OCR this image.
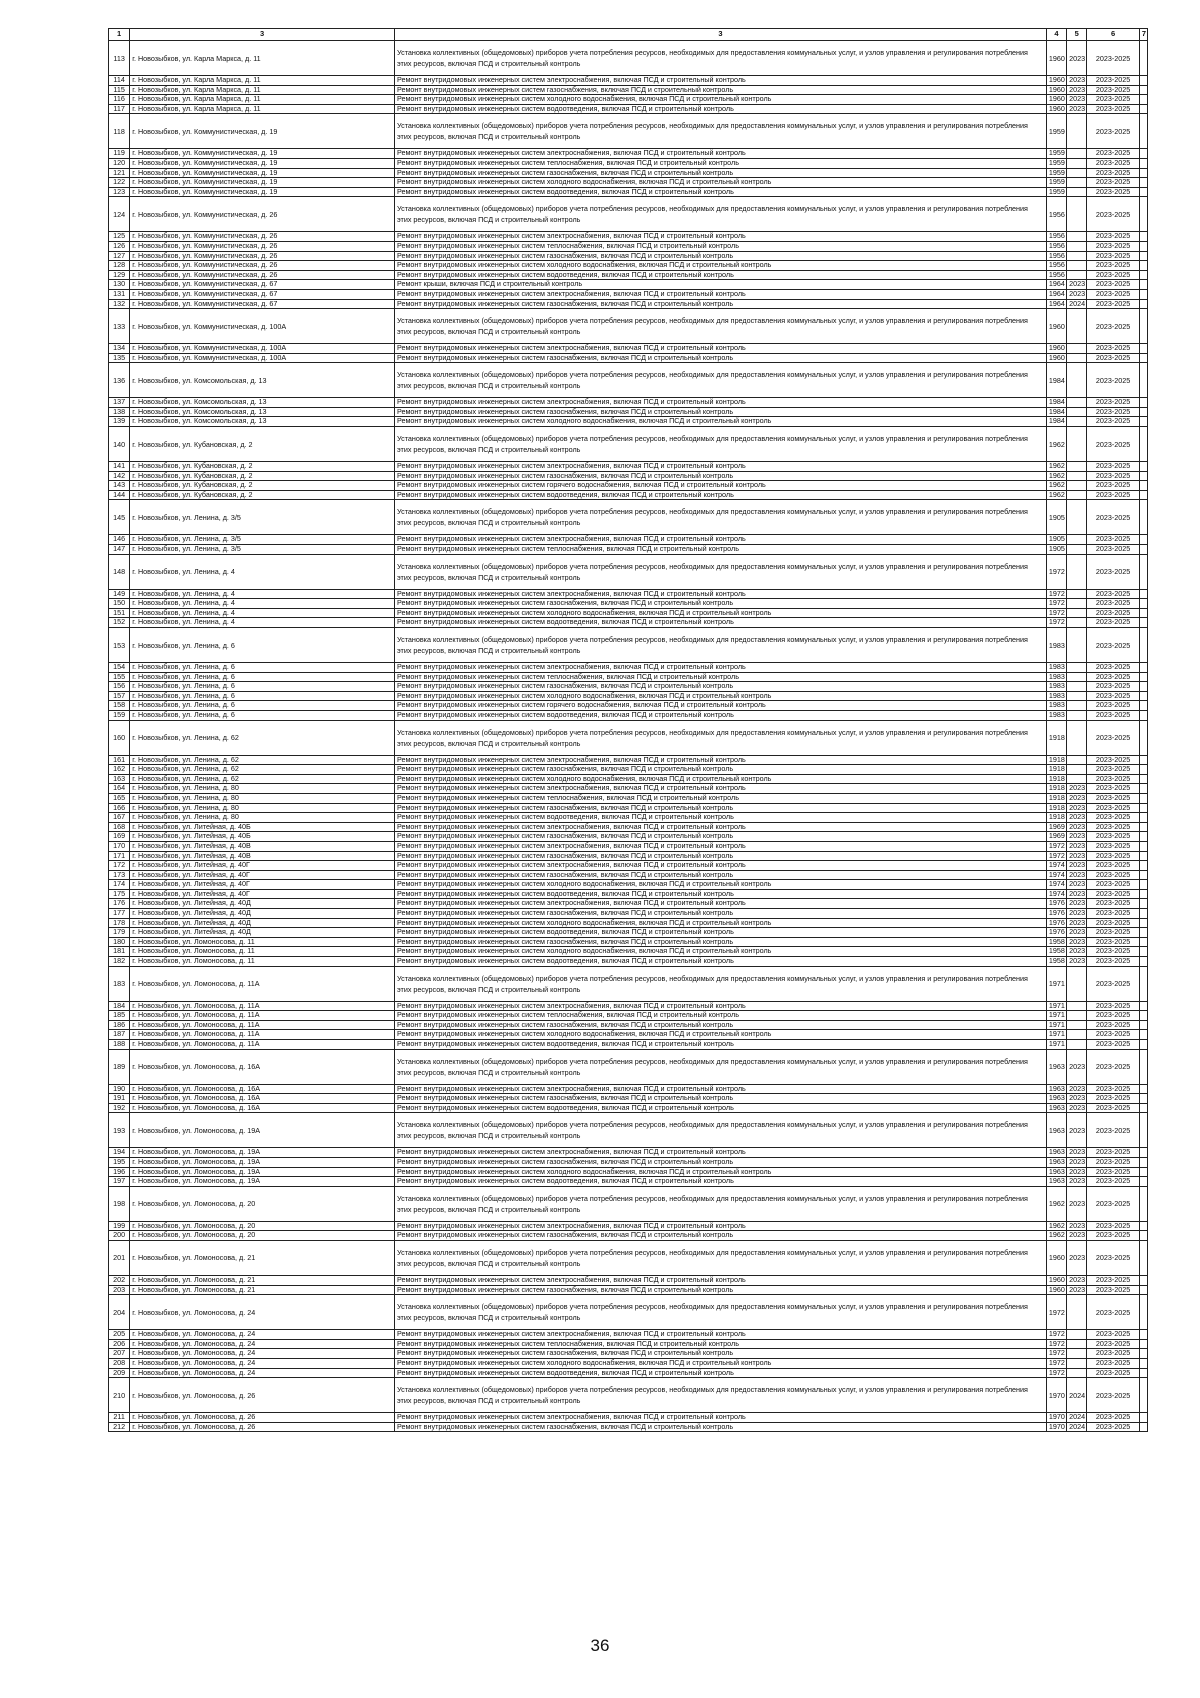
1	3	3	4	5	6	7
113	г. Новозыбков, ул. Карла Маркса, д. 11	Установка коллективных (общедомовых) приборов учета потребления ресурсов, необходимых для предоставления коммунальных услуг, и узлов управления и регулирования потребления этих ресурсов, включая ПСД и строительный контроль	1960	2023	2023-2025	
114	г. Новозыбков, ул. Карла Маркса, д. 11	Ремонт внутридомовых инженерных систем электроснабжения, включая ПСД и строительный контроль	1960	2023	2023-2025	
115	г. Новозыбков, ул. Карла Маркса, д. 11	Ремонт внутридомовых инженерных систем газоснабжения, включая ПСД и строительный контроль	1960	2023	2023-2025	
116	г. Новозыбков, ул. Карла Маркса, д. 11	Ремонт внутридомовых инженерных систем холодного водоснабжения, включая ПСД и строительный контроль	1960	2023	2023-2025	
117	г. Новозыбков, ул. Карла Маркса, д. 11	Ремонт внутридомовых инженерных систем водоотведения, включая ПСД и строительный контроль	1960	2023	2023-2025	
118	г. Новозыбков, ул. Коммунистическая, д. 19	Установка коллективных (общедомовых) приборов учета потребления ресурсов, необходимых для предоставления коммунальных услуг, и узлов управления и регулирования потребления этих ресурсов, включая ПСД и строительный контроль	1959		2023-2025	
119	г. Новозыбков, ул. Коммунистическая, д. 19	Ремонт внутридомовых инженерных систем электроснабжения, включая ПСД и строительный контроль	1959		2023-2025	
120	г. Новозыбков, ул. Коммунистическая, д. 19	Ремонт внутридомовых инженерных систем теплоснабжения, включая ПСД и строительный контроль	1959		2023-2025	
121	г. Новозыбков, ул. Коммунистическая, д. 19	Ремонт внутридомовых инженерных систем газоснабжения, включая ПСД и строительный контроль	1959		2023-2025	
122	г. Новозыбков, ул. Коммунистическая, д. 19	Ремонт внутридомовых инженерных систем холодного водоснабжения, включая ПСД и строительный контроль	1959		2023-2025	
123	г. Новозыбков, ул. Коммунистическая, д. 19	Ремонт внутридомовых инженерных систем водоотведения, включая ПСД и строительный контроль	1959		2023-2025	
124	г. Новозыбков, ул. Коммунистическая, д. 26	Установка коллективных (общедомовых) приборов учета потребления ресурсов, необходимых для предоставления коммунальных услуг, и узлов управления и регулирования потребления этих ресурсов, включая ПСД и строительный контроль	1956		2023-2025	
125	г. Новозыбков, ул. Коммунистическая, д. 26	Ремонт внутридомовых инженерных систем электроснабжения, включая ПСД и строительный контроль	1956		2023-2025	
126	г. Новозыбков, ул. Коммунистическая, д. 26	Ремонт внутридомовых инженерных систем теплоснабжения, включая ПСД и строительный контроль	1956		2023-2025	
127	г. Новозыбков, ул. Коммунистическая, д. 26	Ремонт внутридомовых инженерных систем газоснабжения, включая ПСД и строительный контроль	1956		2023-2025	
128	г. Новозыбков, ул. Коммунистическая, д. 26	Ремонт внутридомовых инженерных систем холодного водоснабжения, включая ПСД и строительный контроль	1956		2023-2025	
129	г. Новозыбков, ул. Коммунистическая, д. 26	Ремонт внутридомовых инженерных систем водоотведения, включая ПСД и строительный контроль	1956		2023-2025	
130	г. Новозыбков, ул. Коммунистическая, д. 67	Ремонт крыши, включая ПСД и строительный контроль	1964	2023	2023-2025	
131	г. Новозыбков, ул. Коммунистическая, д. 67	Ремонт внутридомовых инженерных систем электроснабжения, включая ПСД и строительный контроль	1964	2023	2023-2025	
132	г. Новозыбков, ул. Коммунистическая, д. 67	Ремонт внутридомовых инженерных систем газоснабжения, включая ПСД и строительный контроль	1964	2024	2023-2025	
133	г. Новозыбков, ул. Коммунистическая, д. 100А	Установка коллективных (общедомовых) приборов учета потребления ресурсов, необходимых для предоставления коммунальных услуг, и узлов управления и регулирования потребления этих ресурсов, включая ПСД и строительный контроль	1960		2023-2025	
134	г. Новозыбков, ул. Коммунистическая, д. 100А	Ремонт внутридомовых инженерных систем электроснабжения, включая ПСД и строительный контроль	1960		2023-2025	
135	г. Новозыбков, ул. Коммунистическая, д. 100А	Ремонт внутридомовых инженерных систем газоснабжения, включая ПСД и строительный контроль	1960		2023-2025	
136	г. Новозыбков, ул. Комсомольская, д. 13	Установка коллективных (общедомовых) приборов учета потребления ресурсов, необходимых для предоставления коммунальных услуг, и узлов управления и регулирования потребления этих ресурсов, включая ПСД и строительный контроль	1984		2023-2025	
137	г. Новозыбков, ул. Комсомольская, д. 13	Ремонт внутридомовых инженерных систем электроснабжения, включая ПСД и строительный контроль	1984		2023-2025	
138	г. Новозыбков, ул. Комсомольская, д. 13	Ремонт внутридомовых инженерных систем газоснабжения, включая ПСД и строительный контроль	1984		2023-2025	
139	г. Новозыбков, ул. Комсомольская, д. 13	Ремонт внутридомовых инженерных систем холодного водоснабжения, включая ПСД и строительный контроль	1984		2023-2025	
140	г. Новозыбков, ул. Кубановская, д. 2	Установка коллективных (общедомовых) приборов учета потребления ресурсов, необходимых для предоставления коммунальных услуг, и узлов управления и регулирования потребления этих ресурсов, включая ПСД и строительный контроль	1962		2023-2025	
141	г. Новозыбков, ул. Кубановская, д. 2	Ремонт внутридомовых инженерных систем электроснабжения, включая ПСД и строительный контроль	1962		2023-2025	
142	г. Новозыбков, ул. Кубановская, д. 2	Ремонт внутридомовых инженерных систем газоснабжения, включая ПСД и строительный контроль	1962		2023-2025	
143	г. Новозыбков, ул. Кубановская, д. 2	Ремонт внутридомовых инженерных систем горячего водоснабжения, включая ПСД и строительный контроль	1962		2023-2025	
144	г. Новозыбков, ул. Кубановская, д. 2	Ремонт внутридомовых инженерных систем водоотведения, включая ПСД и строительный контроль	1962		2023-2025	
145	г. Новозыбков, ул. Ленина, д. 3/5	Установка коллективных (общедомовых) приборов учета потребления ресурсов, необходимых для предоставления коммунальных услуг, и узлов управления и регулирования потребления этих ресурсов, включая ПСД и строительный контроль	1905		2023-2025	
146	г. Новозыбков, ул. Ленина, д. 3/5	Ремонт внутридомовых инженерных систем электроснабжения, включая ПСД и строительный контроль	1905		2023-2025	
147	г. Новозыбков, ул. Ленина, д. 3/5	Ремонт внутридомовых инженерных систем теплоснабжения, включая ПСД и строительный контроль	1905		2023-2025	
148	г. Новозыбков, ул. Ленина, д. 4	Установка коллективных (общедомовых) приборов учета потребления ресурсов, необходимых для предоставления коммунальных услуг, и узлов управления и регулирования потребления этих ресурсов, включая ПСД и строительный контроль	1972		2023-2025	
149	г. Новозыбков, ул. Ленина, д. 4	Ремонт внутридомовых инженерных систем электроснабжения, включая ПСД и строительный контроль	1972		2023-2025	
150	г. Новозыбков, ул. Ленина, д. 4	Ремонт внутридомовых инженерных систем газоснабжения, включая ПСД и строительный контроль	1972		2023-2025	
151	г. Новозыбков, ул. Ленина, д. 4	Ремонт внутридомовых инженерных систем холодного водоснабжения, включая ПСД и строительный контроль	1972		2023-2025	
152	г. Новозыбков, ул. Ленина, д. 4	Ремонт внутридомовых инженерных систем водоотведения, включая ПСД и строительный контроль	1972		2023-2025	
153	г. Новозыбков, ул. Ленина, д. 6	Установка коллективных (общедомовых) приборов учета потребления ресурсов, необходимых для предоставления коммунальных услуг, и узлов управления и регулирования потребления этих ресурсов, включая ПСД и строительный контроль	1983		2023-2025	
154	г. Новозыбков, ул. Ленина, д. 6	Ремонт внутридомовых инженерных систем электроснабжения, включая ПСД и строительный контроль	1983		2023-2025	
155	г. Новозыбков, ул. Ленина, д. 6	Ремонт внутридомовых инженерных систем теплоснабжения, включая ПСД и строительный контроль	1983		2023-2025	
156	г. Новозыбков, ул. Ленина, д. 6	Ремонт внутридомовых инженерных систем газоснабжения, включая ПСД и строительный контроль	1983		2023-2025	
157	г. Новозыбков, ул. Ленина, д. 6	Ремонт внутридомовых инженерных систем холодного водоснабжения, включая ПСД и строительный контроль	1983		2023-2025	
158	г. Новозыбков, ул. Ленина, д. 6	Ремонт внутридомовых инженерных систем горячего водоснабжения, включая ПСД и строительный контроль	1983		2023-2025	
159	г. Новозыбков, ул. Ленина, д. 6	Ремонт внутридомовых инженерных систем водоотведения, включая ПСД и строительный контроль	1983		2023-2025	
160	г. Новозыбков, ул. Ленина, д. 62	Установка коллективных (общедомовых) приборов учета потребления ресурсов, необходимых для предоставления коммунальных услуг, и узлов управления и регулирования потребления этих ресурсов, включая ПСД и строительный контроль	1918		2023-2025	
161	г. Новозыбков, ул. Ленина, д. 62	Ремонт внутридомовых инженерных систем электроснабжения, включая ПСД и строительный контроль	1918		2023-2025	
162	г. Новозыбков, ул. Ленина, д. 62	Ремонт внутридомовых инженерных систем газоснабжения, включая ПСД и строительный контроль	1918		2023-2025	
163	г. Новозыбков, ул. Ленина, д. 62	Ремонт внутридомовых инженерных систем холодного водоснабжения, включая ПСД и строительный контроль	1918		2023-2025	
164	г. Новозыбков, ул. Ленина, д. 80	Ремонт внутридомовых инженерных систем электроснабжения, включая ПСД и строительный контроль	1918	2023	2023-2025	
165	г. Новозыбков, ул. Ленина, д. 80	Ремонт внутридомовых инженерных систем теплоснабжения, включая ПСД и строительный контроль	1918	2023	2023-2025	
166	г. Новозыбков, ул. Ленина, д. 80	Ремонт внутридомовых инженерных систем газоснабжения, включая ПСД и строительный контроль	1918	2023	2023-2025	
167	г. Новозыбков, ул. Ленина, д. 80	Ремонт внутридомовых инженерных систем водоотведения, включая ПСД и строительный контроль	1918	2023	2023-2025	
168	г. Новозыбков, ул. Литейная, д. 40Б	Ремонт внутридомовых инженерных систем электроснабжения, включая ПСД и строительный контроль	1969	2023	2023-2025	
169	г. Новозыбков, ул. Литейная, д. 40Б	Ремонт внутридомовых инженерных систем газоснабжения, включая ПСД и строительный контроль	1969	2023	2023-2025	
170	г. Новозыбков, ул. Литейная, д. 40В	Ремонт внутридомовых инженерных систем электроснабжения, включая ПСД и строительный контроль	1972	2023	2023-2025	
171	г. Новозыбков, ул. Литейная, д. 40В	Ремонт внутридомовых инженерных систем газоснабжения, включая ПСД и строительный контроль	1972	2023	2023-2025	
172	г. Новозыбков, ул. Литейная, д. 40Г	Ремонт внутридомовых инженерных систем электроснабжения, включая ПСД и строительный контроль	1974	2023	2023-2025	
173	г. Новозыбков, ул. Литейная, д. 40Г	Ремонт внутридомовых инженерных систем газоснабжения, включая ПСД и строительный контроль	1974	2023	2023-2025	
174	г. Новозыбков, ул. Литейная, д. 40Г	Ремонт внутридомовых инженерных систем холодного водоснабжения, включая ПСД и строительный контроль	1974	2023	2023-2025	
175	г. Новозыбков, ул. Литейная, д. 40Г	Ремонт внутридомовых инженерных систем водоотведения, включая ПСД и строительный контроль	1974	2023	2023-2025	
176	г. Новозыбков, ул. Литейная, д. 40Д	Ремонт внутридомовых инженерных систем электроснабжения, включая ПСД и строительный контроль	1976	2023	2023-2025	
177	г. Новозыбков, ул. Литейная, д. 40Д	Ремонт внутридомовых инженерных систем газоснабжения, включая ПСД и строительный контроль	1976	2023	2023-2025	
178	г. Новозыбков, ул. Литейная, д. 40Д	Ремонт внутридомовых инженерных систем холодного водоснабжения, включая ПСД и строительный контроль	1976	2023	2023-2025	
179	г. Новозыбков, ул. Литейная, д. 40Д	Ремонт внутридомовых инженерных систем водоотведения, включая ПСД и строительный контроль	1976	2023	2023-2025	
180	г. Новозыбков, ул. Ломоносова, д. 11	Ремонт внутридомовых инженерных систем газоснабжения, включая ПСД и строительный контроль	1958	2023	2023-2025	
181	г. Новозыбков, ул. Ломоносова, д. 11	Ремонт внутридомовых инженерных систем холодного водоснабжения, включая ПСД и строительный контроль	1958	2023	2023-2025	
182	г. Новозыбков, ул. Ломоносова, д. 11	Ремонт внутридомовых инженерных систем водоотведения, включая ПСД и строительный контроль	1958	2023	2023-2025	
183	г. Новозыбков, ул. Ломоносова, д. 11А	Установка коллективных (общедомовых) приборов учета потребления ресурсов, необходимых для предоставления коммунальных услуг, и узлов управления и регулирования потребления этих ресурсов, включая ПСД и строительный контроль	1971		2023-2025	
184	г. Новозыбков, ул. Ломоносова, д. 11А	Ремонт внутридомовых инженерных систем электроснабжения, включая ПСД и строительный контроль	1971		2023-2025	
185	г. Новозыбков, ул. Ломоносова, д. 11А	Ремонт внутридомовых инженерных систем теплоснабжения, включая ПСД и строительный контроль	1971		2023-2025	
186	г. Новозыбков, ул. Ломоносова, д. 11А	Ремонт внутридомовых инженерных систем газоснабжения, включая ПСД и строительный контроль	1971		2023-2025	
187	г. Новозыбков, ул. Ломоносова, д. 11А	Ремонт внутридомовых инженерных систем холодного водоснабжения, включая ПСД и строительный контроль	1971		2023-2025	
188	г. Новозыбков, ул. Ломоносова, д. 11А	Ремонт внутридомовых инженерных систем водоотведения, включая ПСД и строительный контроль	1971		2023-2025	
189	г. Новозыбков, ул. Ломоносова, д. 16А	Установка коллективных (общедомовых) приборов учета потребления ресурсов, необходимых для предоставления коммунальных услуг, и узлов управления и регулирования потребления этих ресурсов, включая ПСД и строительный контроль	1963	2023	2023-2025	
190	г. Новозыбков, ул. Ломоносова, д. 16А	Ремонт внутридомовых инженерных систем электроснабжения, включая ПСД и строительный контроль	1963	2023	2023-2025	
191	г. Новозыбков, ул. Ломоносова, д. 16А	Ремонт внутридомовых инженерных систем газоснабжения, включая ПСД и строительный контроль	1963	2023	2023-2025	
192	г. Новозыбков, ул. Ломоносова, д. 16А	Ремонт внутридомовых инженерных систем водоотведения, включая ПСД и строительный контроль	1963	2023	2023-2025	
193	г. Новозыбков, ул. Ломоносова, д. 19А	Установка коллективных (общедомовых) приборов учета потребления ресурсов, необходимых для предоставления коммунальных услуг, и узлов управления и регулирования потребления этих ресурсов, включая ПСД и строительный контроль	1963	2023	2023-2025	
194	г. Новозыбков, ул. Ломоносова, д. 19А	Ремонт внутридомовых инженерных систем электроснабжения, включая ПСД и строительный контроль	1963	2023	2023-2025	
195	г. Новозыбков, ул. Ломоносова, д. 19А	Ремонт внутридомовых инженерных систем газоснабжения, включая ПСД и строительный контроль	1963	2023	2023-2025	
196	г. Новозыбков, ул. Ломоносова, д. 19А	Ремонт внутридомовых инженерных систем холодного водоснабжения, включая ПСД и строительный контроль	1963	2023	2023-2025	
197	г. Новозыбков, ул. Ломоносова, д. 19А	Ремонт внутридомовых инженерных систем водоотведения, включая ПСД и строительный контроль	1963	2023	2023-2025	
198	г. Новозыбков, ул. Ломоносова, д. 20	Установка коллективных (общедомовых) приборов учета потребления ресурсов, необходимых для предоставления коммунальных услуг, и узлов управления и регулирования потребления этих ресурсов, включая ПСД и строительный контроль	1962	2023	2023-2025	
199	г. Новозыбков, ул. Ломоносова, д. 20	Ремонт внутридомовых инженерных систем электроснабжения, включая ПСД и строительный контроль	1962	2023	2023-2025	
200	г. Новозыбков, ул. Ломоносова, д. 20	Ремонт внутридомовых инженерных систем газоснабжения, включая ПСД и строительный контроль	1962	2023	2023-2025	
201	г. Новозыбков, ул. Ломоносова, д. 21	Установка коллективных (общедомовых) приборов учета потребления ресурсов, необходимых для предоставления коммунальных услуг, и узлов управления и регулирования потребления этих ресурсов, включая ПСД и строительный контроль	1960	2023	2023-2025	
202	г. Новозыбков, ул. Ломоносова, д. 21	Ремонт внутридомовых инженерных систем электроснабжения, включая ПСД и строительный контроль	1960	2023	2023-2025	
203	г. Новозыбков, ул. Ломоносова, д. 21	Ремонт внутридомовых инженерных систем газоснабжения, включая ПСД и строительный контроль	1960	2023	2023-2025	
204	г. Новозыбков, ул. Ломоносова, д. 24	Установка коллективных (общедомовых) приборов учета потребления ресурсов, необходимых для предоставления коммунальных услуг, и узлов управления и регулирования потребления этих ресурсов, включая ПСД и строительный контроль	1972		2023-2025	
205	г. Новозыбков, ул. Ломоносова, д. 24	Ремонт внутридомовых инженерных систем электроснабжения, включая ПСД и строительный контроль	1972		2023-2025	
206	г. Новозыбков, ул. Ломоносова, д. 24	Ремонт внутридомовых инженерных систем теплоснабжения, включая ПСД и строительный контроль	1972		2023-2025	
207	г. Новозыбков, ул. Ломоносова, д. 24	Ремонт внутридомовых инженерных систем газоснабжения, включая ПСД и строительный контроль	1972		2023-2025	
208	г. Новозыбков, ул. Ломоносова, д. 24	Ремонт внутридомовых инженерных систем холодного водоснабжения, включая ПСД и строительный контроль	1972		2023-2025	
209	г. Новозыбков, ул. Ломоносова, д. 24	Ремонт внутридомовых инженерных систем водоотведения, включая ПСД и строительный контроль	1972		2023-2025	
210	г. Новозыбков, ул. Ломоносова, д. 26	Установка коллективных (общедомовых) приборов учета потребления ресурсов, необходимых для предоставления коммунальных услуг, и узлов управления и регулирования потребления этих ресурсов, включая ПСД и строительный контроль	1970	2024	2023-2025	
211	г. Новозыбков, ул. Ломоносова, д. 26	Ремонт внутридомовых инженерных систем электроснабжения, включая ПСД и строительный контроль	1970	2024	2023-2025	
212	г. Новозыбков, ул. Ломоносова, д. 26	Ремонт внутридомовых инженерных систем газоснабжения, включая ПСД и строительный контроль	1970	2024	2023-2025	
36
